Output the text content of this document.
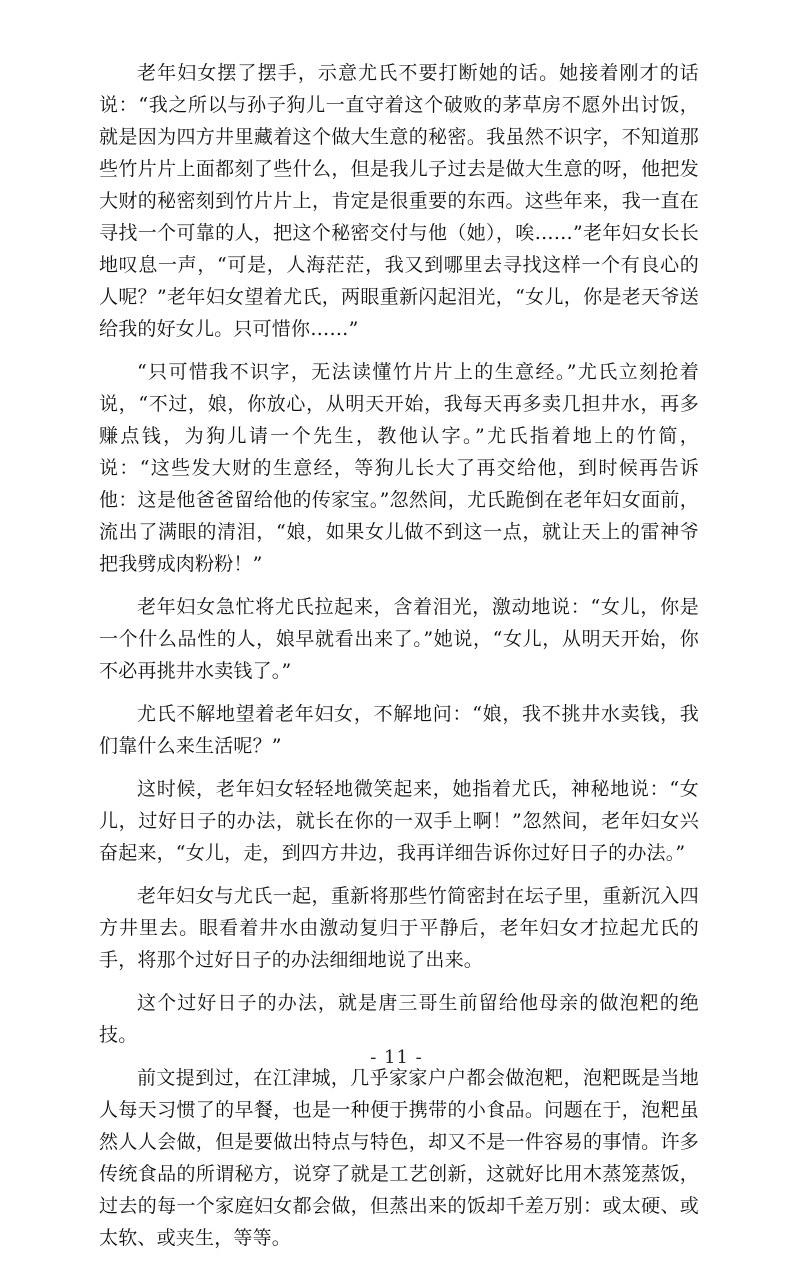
老年妇女摆了摆手，示意尤氏不要打断她的话。她接着刚才的话说：“我之所以与孙子狗儿一直守着这个破败的茅草房不愿外出讨饭，就是因为四方井里藏着这个做大生意的秘密。我虽然不识字，不知道那些竹片片上面都刻了些什么，但是我儿子过去是做大生意的呀，他把发大财的秘密刻到竹片片上，肯定是很重要的东西。这些年来，我一直在寻找一个可靠的人，把这个秘密交付与他（她），唉……”老年妇女长长地叹息一声，“可是，人海茫茫，我又到哪里去寻找这样一个有良心的人呢？”老年妇女望着尤氏，两眼重新闪起泪光，“女儿，你是老天爷送给我的好女儿。只可惜你……”

“只可惜我不识字，无法读懂竹片片上的生意经。”尤氏立刻抢着说，“不过，娘，你放心，从明天开始，我每天再多卖几担井水，再多赚点钱，为狗儿请一个先生，教他认字。”尤氏指着地上的竹简，说：“这些发大财的生意经，等狗儿长大了再交给他，到时候再告诉他：这是他爸爸留给他的传家宝。”忽然间，尤氏跪倒在老年妇女面前，流出了满眼的清泪，“娘，如果女儿做不到这一点，就让天上的雷神爷把我劈成肉粉粉！”

老年妇女急忙将尤氏拉起来，含着泪光，激动地说：“女儿，你是一个什么品性的人，娘早就看出来了。”她说，“女儿，从明天开始，你不必再挑井水卖钱了。”

尤氏不解地望着老年妇女，不解地问：“娘，我不挑井水卖钱，我们靠什么来生活呢？”

这时候，老年妇女轻轻地微笑起来，她指着尤氏，神秘地说：“女儿，过好日子的办法，就长在你的一双手上啊！”忽然间，老年妇女兴奋起来，“女儿，走，到四方井边，我再详细告诉你过好日子的办法。”

老年妇女与尤氏一起，重新将那些竹简密封在坛子里，重新沉入四方井里去。眼看着井水由激动复归于平静后，老年妇女才拉起尤氏的手，将那个过好日子的办法细细地说了出来。

这个过好日子的办法，就是唐三哥生前留给他母亲的做泡粑的绝技。

前文提到过，在江津城，几乎家家户户都会做泡粑，泡粑既是当地人每天习惯了的早餐，也是一种便于携带的小食品。问题在于，泡粑虽然人人会做，但是要做出特点与特色，却又不是一件容易的事情。许多传统食品的所谓秘方，说穿了就是工艺创新，这就好比用木蒸笼蒸饭，过去的每一个家庭妇女都会做，但蒸出来的饭却千差万别：或太硬、或太软、或夹生，等等。

- 11 -
